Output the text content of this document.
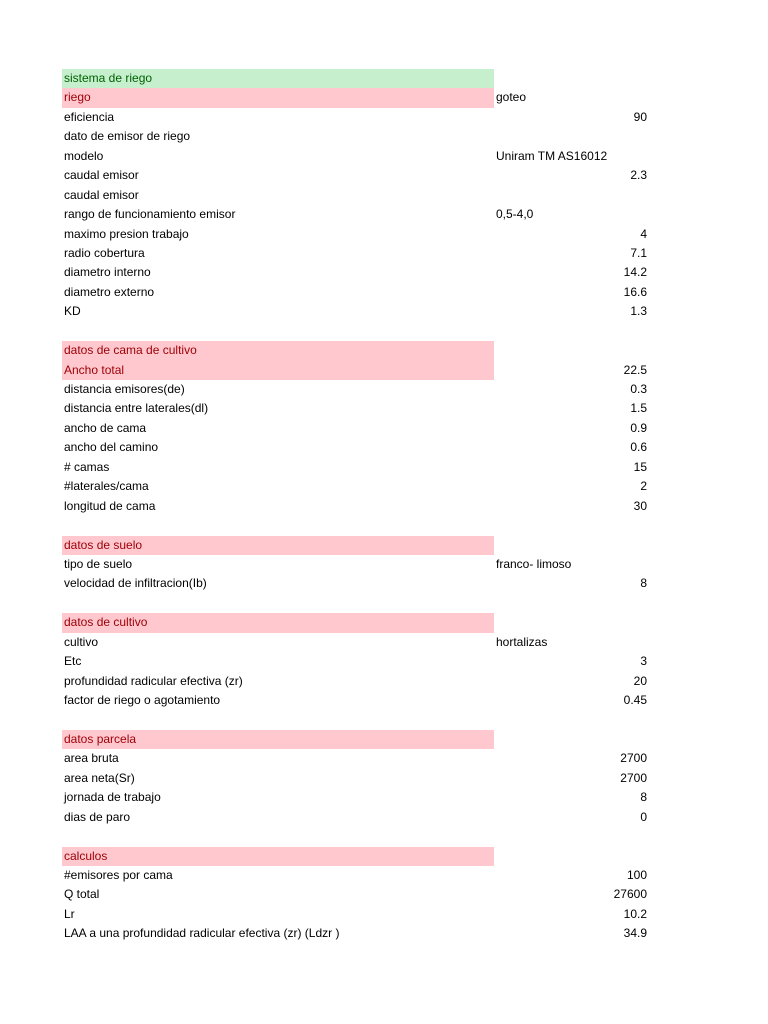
sistema de riego
riego	goteo
eficiencia	90
dato de emisor de riego
modelo	Uniram TM AS16012
caudal emisor	2.3
caudal emisor
rango de funcionamiento emisor	0,5-4,0
maximo presion trabajo	4
radio cobertura	7.1
diametro interno	14.2
diametro externo	16.6
KD	1.3
datos de cama de cultivo
Ancho total	22.5
distancia emisores(de)	0.3
distancia entre laterales(dl)	1.5
ancho de cama	0.9
ancho del camino	0.6
# camas	15
#laterales/cama	2
longitud de cama	30
datos de suelo
tipo de suelo	franco- limoso
velocidad de infiltracion(Ib)	8
datos de cultivo
cultivo	hortalizas
Etc	3
profundidad radicular efectiva (zr)	20
factor de riego o agotamiento	0.45
datos parcela
area bruta	2700
area neta(Sr)	2700
jornada de trabajo	8
dias de paro	0
calculos
#emisores por cama	100
Q total	27600
Lr	10.2
LAA a una profundidad radicular efectiva (zr) (Ldzr )	34.9
